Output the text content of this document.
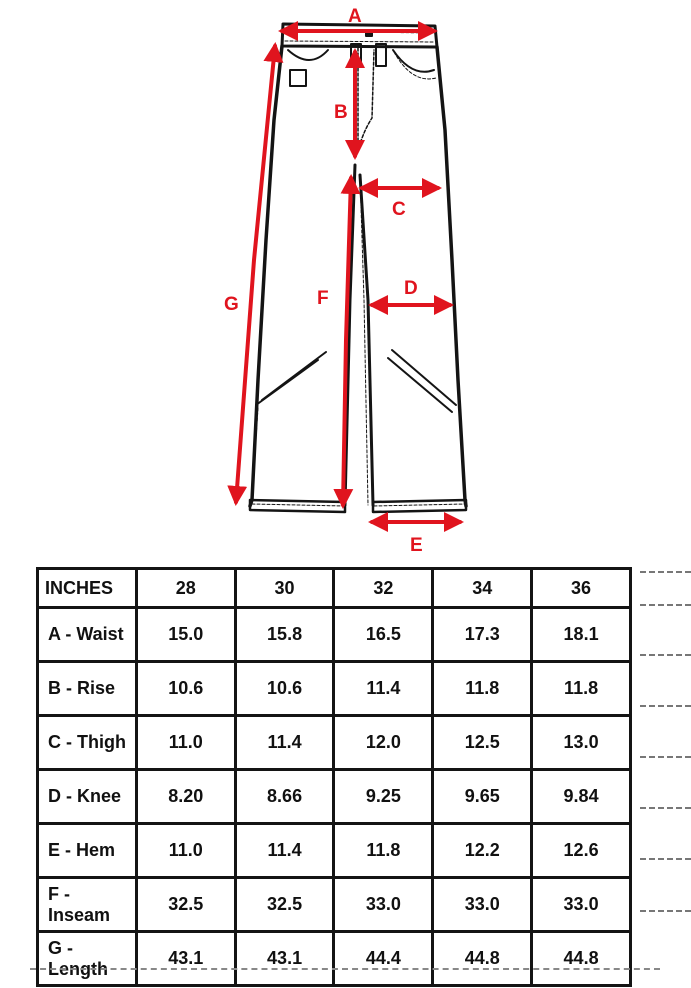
A
B
C
D
E
F
G
INCHES	28	30	32	34	36
A - Waist	15.0	15.8	16.5	17.3	18.1
B - Rise	10.6	10.6	11.4	11.8	11.8
C - Thigh	11.0	11.4	12.0	12.5	13.0
D - Knee	8.20	8.66	9.25	9.65	9.84
E - Hem	11.0	11.4	11.8	12.2	12.6
F - Inseam	32.5	32.5	33.0	33.0	33.0
G - Length	43.1	43.1	44.4	44.8	44.8
